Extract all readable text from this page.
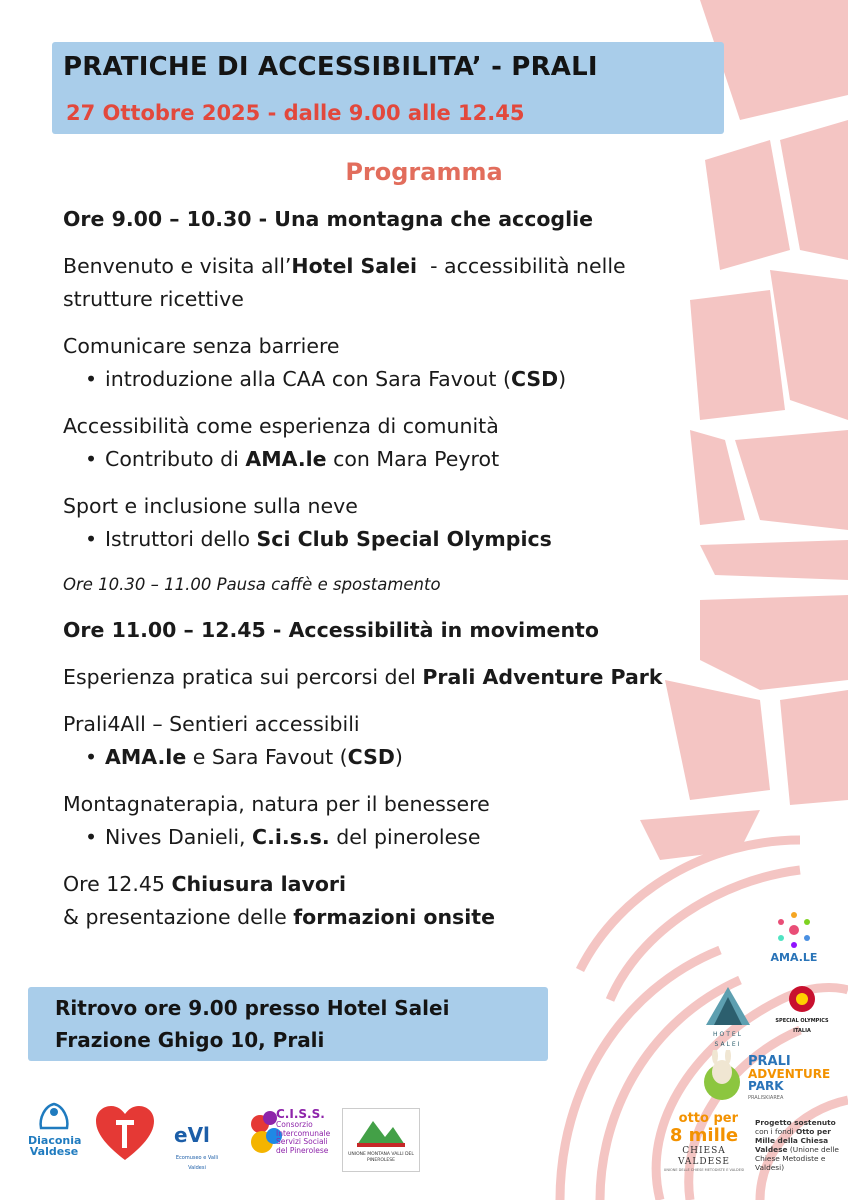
PRATICHE DI ACCESSIBILITA’ - PRALI
27 Ottobre 2025 - dalle 9.00 alle 12.45
Programma

Ore 9.00 – 10.30 - Una montagna che accoglie

Benvenuto e visita all’Hotel Salei  - accessibilità nelle

strutture ricettive

Comunicare senza barriere

• introduzione alla CAA con Sara Favout (CSD)

Accessibilità come esperienza di comunità

• Contributo di AMA.le con Mara Peyrot

Sport e inclusione sulla neve

• Istruttori dello Sci Club Special Olympics

Ore 10.30 – 11.00 Pausa caffè e spostamento

Ore 11.00 – 12.45 - Accessibilità in movimento

Esperienza pratica sui percorsi del Prali Adventure Park

Prali4All – Sentieri accessibili

• AMA.le e Sara Favout (CSD)

Montagnaterapia, natura per il benessere

• Nives Danieli, C.i.s.s. del pinerolese

Ore 12.45 Chiusura lavori

& presentazione delle formazioni onsite

Ritrovo ore 9.00 presso Hotel Salei
Frazione Ghigo 10, Prali
AMA.LE
HOTEL SALEI
SPECIAL OLYMPICS ITALIA
PRALI
ADVENTURE
PARK
PRALISKIAREA
Diaconia
Valdese
eVl
Ecomuseo e Valli Valdesi
C.I.S.S.
Consorzio
Intercomunale
Servizi Sociali
del Pinerolese	UNIONE MONTANA VALLI DEL PINEROLESE
otto per
8 mille
CHIESA VALDESE
UNIONE DELLE CHIESE METODISTE E VALDESI
Progetto sostenuto
con i fondi Otto per
Mille della Chiesa
Valdese (Unione delle
Chiese Metodiste e
Valdesi)
